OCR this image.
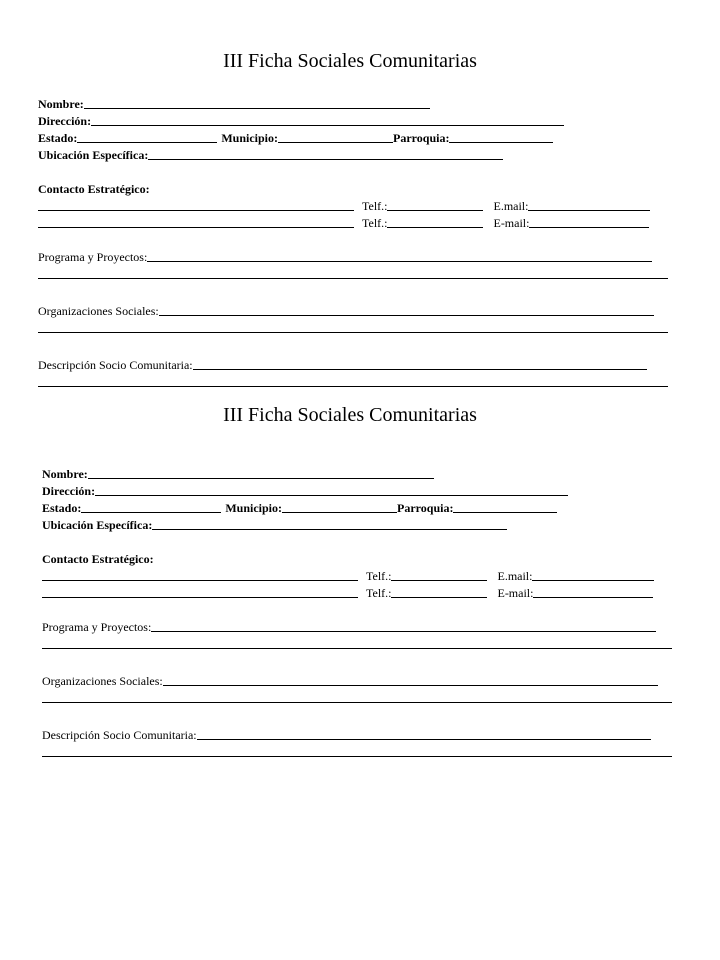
III Ficha Sociales Comunitarias
Nombre:
Dirección:
Estado:	Municipio:	Parroquia:
Ubicación Específica:
Contacto Estratégico:
Telf.:	E.mail:
Telf.:	E-mail:
Programa y Proyectos:
Organizaciones Sociales:
Descripción Socio Comunitaria:
III Ficha Sociales Comunitarias
Nombre:
Dirección:
Estado:	Municipio:	Parroquia:
Ubicación Específica:
Contacto Estratégico:
Telf.:	E.mail:
Telf.:	E-mail:
Programa y Proyectos:
Organizaciones Sociales:
Descripción Socio Comunitaria:
